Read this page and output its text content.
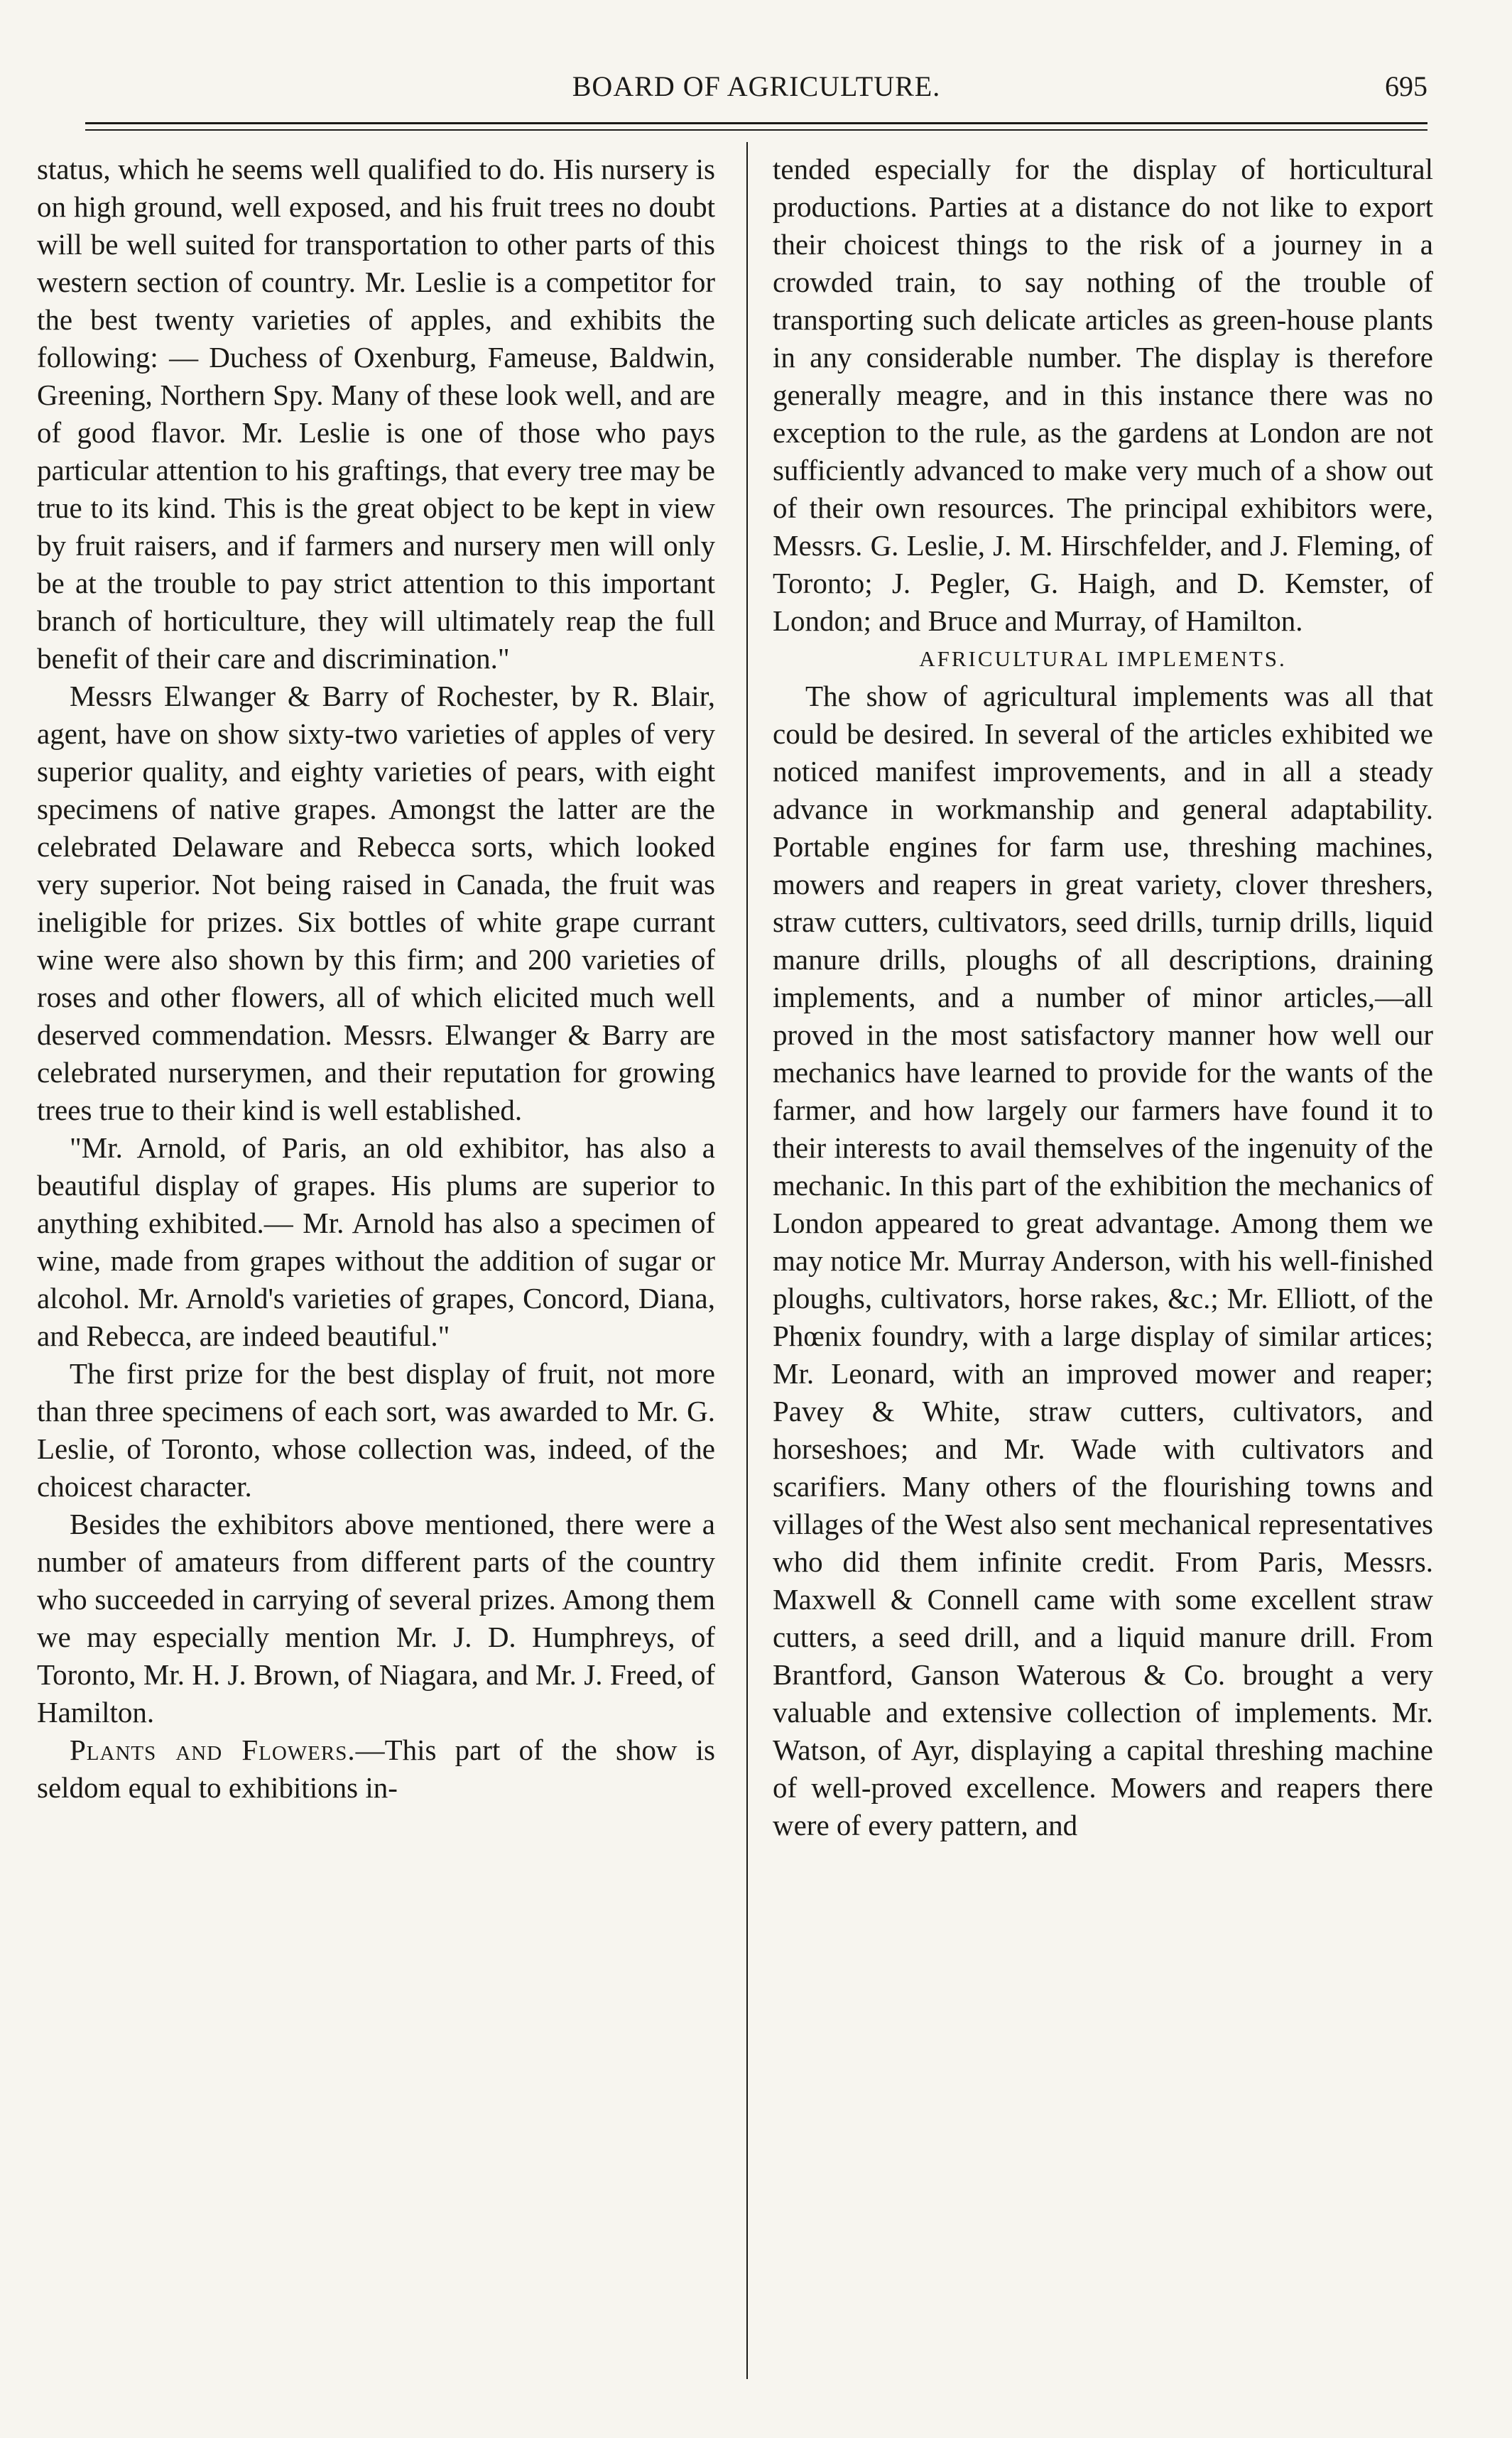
BOARD OF AGRICULTURE.	695

status, which he seems well qualified to do. His nursery is on high ground, well exposed, and his fruit trees no doubt will be well suited for transportation to other parts of this western section of country. Mr. Leslie is a competitor for the best twenty varieties of apples, and exhibits the following: — Duchess of Oxenburg, Fameuse, Baldwin, Greening, Northern Spy. Many of these look well, and are of good flavor. Mr. Leslie is one of those who pays particular attention to his graftings, that every tree may be true to its kind. This is the great object to be kept in view by fruit raisers, and if farmers and nursery men will only be at the trouble to pay strict attention to this important branch of horticulture, they will ultimately reap the full benefit of their care and discrimination."

Messrs Elwanger & Barry of Rochester, by R. Blair, agent, have on show sixty-two varieties of apples of very superior quality, and eighty varieties of pears, with eight specimens of native grapes. Amongst the latter are the celebrated Delaware and Rebecca sorts, which looked very superior. Not being raised in Canada, the fruit was ineligible for prizes. Six bottles of white grape currant wine were also shown by this firm; and 200 varieties of roses and other flowers, all of which elicited much well deserved commendation. Messrs. Elwanger & Barry are celebrated nurserymen, and their reputation for growing trees true to their kind is well established.

"Mr. Arnold, of Paris, an old exhibitor, has also a beautiful display of grapes. His plums are superior to anything exhibited.— Mr. Arnold has also a specimen of wine, made from grapes without the addition of sugar or alcohol. Mr. Arnold's varieties of grapes, Concord, Diana, and Rebecca, are indeed beautiful."

The first prize for the best display of fruit, not more than three specimens of each sort, was awarded to Mr. G. Leslie, of Toronto, whose collection was, indeed, of the choicest character.

Besides the exhibitors above mentioned, there were a number of amateurs from different parts of the country who succeeded in carrying of several prizes. Among them we may especially mention Mr. J. D. Humphreys, of Toronto, Mr. H. J. Brown, of Niagara, and Mr. J. Freed, of Hamilton.

Plants and Flowers.—This part of the show is seldom equal to exhibitions in-

tended especially for the display of horticultural productions. Parties at a distance do not like to export their choicest things to the risk of a journey in a crowded train, to say nothing of the trouble of transporting such delicate articles as green-house plants in any considerable number. The display is therefore generally meagre, and in this instance there was no exception to the rule, as the gardens at London are not sufficiently advanced to make very much of a show out of their own resources. The principal exhibitors were, Messrs. G. Leslie, J. M. Hirschfelder, and J. Fleming, of Toronto; J. Pegler, G. Haigh, and D. Kemster, of London; and Bruce and Murray, of Hamilton.

AFRICULTURAL IMPLEMENTS.

The show of agricultural implements was all that could be desired. In several of the articles exhibited we noticed manifest improvements, and in all a steady advance in workmanship and general adaptability. Portable engines for farm use, threshing machines, mowers and reapers in great variety, clover threshers, straw cutters, cultivators, seed drills, turnip drills, liquid manure drills, ploughs of all descriptions, draining implements, and a number of minor articles,—all proved in the most satisfactory manner how well our mechanics have learned to provide for the wants of the farmer, and how largely our farmers have found it to their interests to avail themselves of the ingenuity of the mechanic. In this part of the exhibition the mechanics of London appeared to great advantage. Among them we may notice Mr. Murray Anderson, with his well-finished ploughs, cultivators, horse rakes, &c.; Mr. Elliott, of the Phœnix foundry, with a large display of similar artices; Mr. Leonard, with an improved mower and reaper; Pavey & White, straw cutters, cultivators, and horseshoes; and Mr. Wade with cultivators and scarifiers. Many others of the flourishing towns and villages of the West also sent mechanical representatives who did them infinite credit. From Paris, Messrs. Maxwell & Connell came with some excellent straw cutters, a seed drill, and a liquid manure drill. From Brantford, Ganson Waterous & Co. brought a very valuable and extensive collection of implements. Mr. Watson, of Ayr, displaying a capital threshing machine of well-proved excellence. Mowers and reapers there were of every pattern, and
